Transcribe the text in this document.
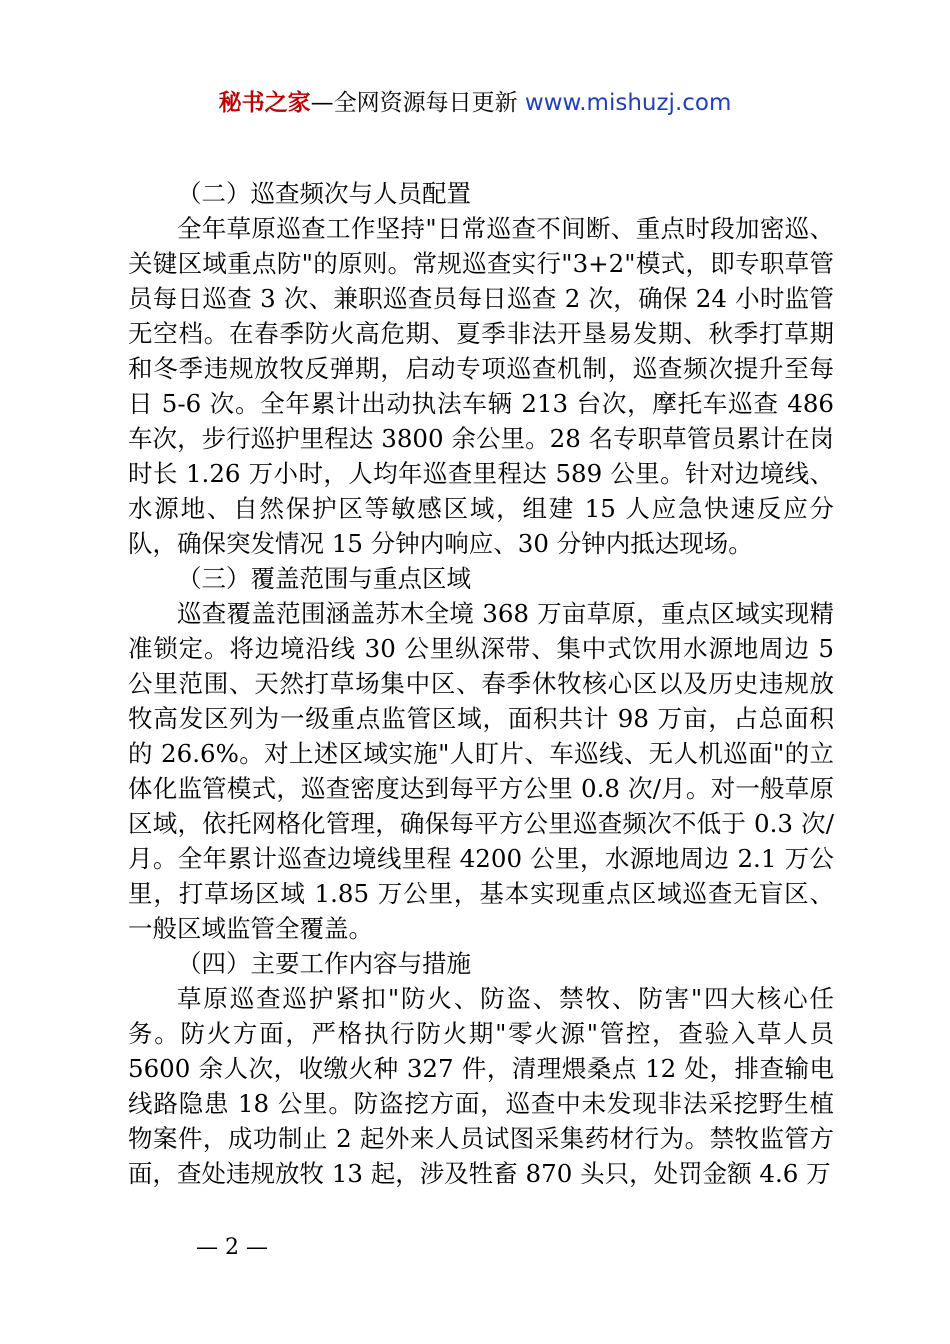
秘书之家—全网资源每日更新 www.mishuzj.com

（二）巡查频次与人员配置

全年草原巡查工作坚持"日常巡查不间断、重点时段加密巡、关键区域重点防"的原则。常规巡查实行"3+2"模式，即专职草管员每日巡查 3 次、兼职巡查员每日巡查 2 次，确保 24 小时监管无空档。在春季防火高危期、夏季非法开垦易发期、秋季打草期和冬季违规放牧反弹期，启动专项巡查机制，巡查频次提升至每日 5-6 次。全年累计出动执法车辆 213 台次，摩托车巡查 486 车次，步行巡护里程达 3800 余公里。28 名专职草管员累计在岗时长 1.26 万小时，人均年巡查里程达 589 公里。针对边境线、水源地、自然保护区等敏感区域，组建 15 人应急快速反应分队，确保突发情况 15 分钟内响应、30 分钟内抵达现场。

（三）覆盖范围与重点区域

巡查覆盖范围涵盖苏木全境 368 万亩草原，重点区域实现精准锁定。将边境沿线 30 公里纵深带、集中式饮用水源地周边 5 公里范围、天然打草场集中区、春季休牧核心区以及历史违规放牧高发区列为一级重点监管区域，面积共计 98 万亩，占总面积的 26.6%。对上述区域实施"人盯片、车巡线、无人机巡面"的立体化监管模式，巡查密度达到每平方公里 0.8 次/月。对一般草原区域，依托网格化管理，确保每平方公里巡查频次不低于 0.3 次/月。全年累计巡查边境线里程 4200 公里，水源地周边 2.1 万公里，打草场区域 1.85 万公里，基本实现重点区域巡查无盲区、一般区域监管全覆盖。

（四）主要工作内容与措施

草原巡查巡护紧扣"防火、防盗、禁牧、防害"四大核心任务。防火方面，严格执行防火期"零火源"管控，查验入草人员 5600 余人次，收缴火种 327 件，清理煨桑点 12 处，排查输电线路隐患 18 公里。防盗挖方面，巡查中未发现非法采挖野生植物案件，成功制止 2 起外来人员试图采集药材行为。禁牧监管方面，查处违规放牧 13 起，涉及牲畜 870 头只，处罚金额 4.6 万

— 2 —
